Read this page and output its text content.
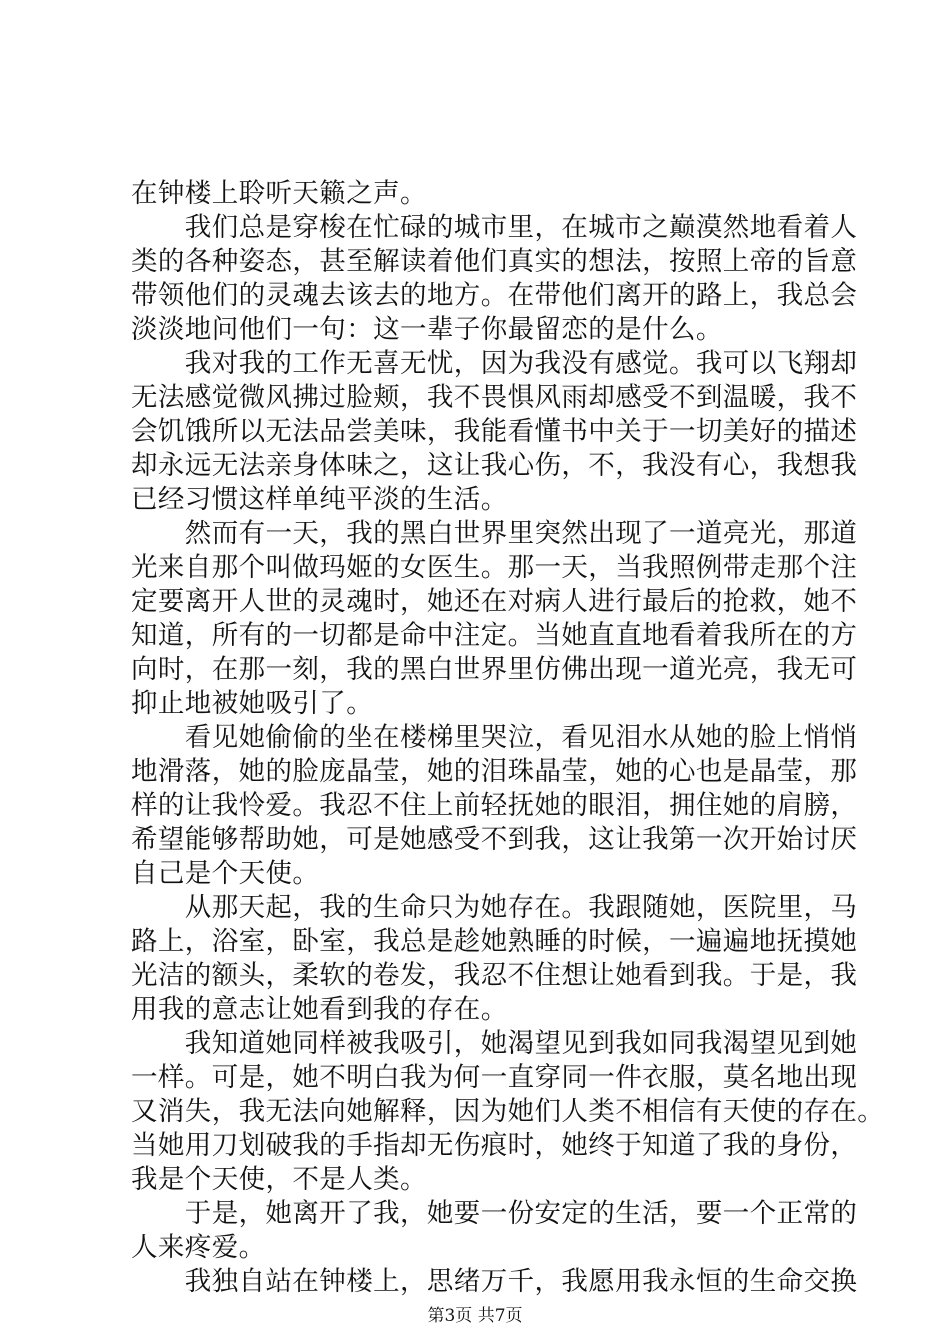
在钟楼上聆听天籁之声。
　　我们总是穿梭在忙碌的城市里，在城市之巅漠然地看着人
类的各种姿态，甚至解读着他们真实的想法，按照上帝的旨意
带领他们的灵魂去该去的地方。在带他们离开的路上，我总会
淡淡地问他们一句：这一辈子你最留恋的是什么。
　　我对我的工作无喜无忧，因为我没有感觉。我可以飞翔却
无法感觉微风拂过脸颊，我不畏惧风雨却感受不到温暖，我不
会饥饿所以无法品尝美味，我能看懂书中关于一切美好的描述
却永远无法亲身体味之，这让我心伤，不，我没有心，我想我
已经习惯这样单纯平淡的生活。
　　然而有一天，我的黑白世界里突然出现了一道亮光，那道
光来自那个叫做玛姬的女医生。那一天，当我照例带走那个注
定要离开人世的灵魂时，她还在对病人进行最后的抢救，她不
知道，所有的一切都是命中注定。当她直直地看着我所在的方
向时，在那一刻，我的黑白世界里仿佛出现一道光亮，我无可
抑止地被她吸引了。
　　看见她偷偷的坐在楼梯里哭泣，看见泪水从她的脸上悄悄
地滑落，她的脸庞晶莹，她的泪珠晶莹，她的心也是晶莹，那
样的让我怜爱。我忍不住上前轻抚她的眼泪，拥住她的肩膀，
希望能够帮助她，可是她感受不到我，这让我第一次开始讨厌
自己是个天使。
　　从那天起，我的生命只为她存在。我跟随她，医院里，马
路上，浴室，卧室，我总是趁她熟睡的时候，一遍遍地抚摸她
光洁的额头，柔软的卷发，我忍不住想让她看到我。于是，我
用我的意志让她看到我的存在。
　　我知道她同样被我吸引，她渴望见到我如同我渴望见到她
一样。可是，她不明白我为何一直穿同一件衣服，莫名地出现
又消失，我无法向她解释，因为她们人类不相信有天使的存在。
当她用刀划破我的手指却无伤痕时，她终于知道了我的身份，
我是个天使，不是人类。
　　于是，她离开了我，她要一份安定的生活，要一个正常的
人来疼爱。
　　我独自站在钟楼上，思绪万千，我愿用我永恒的生命交换
第3页 共7页
